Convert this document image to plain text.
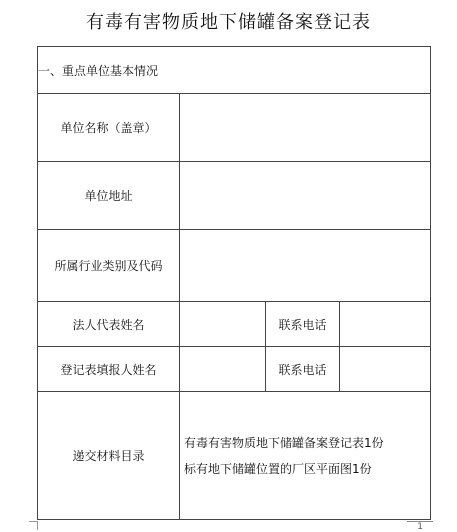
有毒有害物质地下储罐备案登记表
一、重点单位基本情况			
单位名称（盖章）			
单位地址			
所属行业类别及代码			
法人代表姓名		联系电话	
登记表填报人姓名		联系电话	
递交材料目录	有毒有害物质地下储罐备案登记表1份
标有地下储罐位置的厂区平面图1份		
1
